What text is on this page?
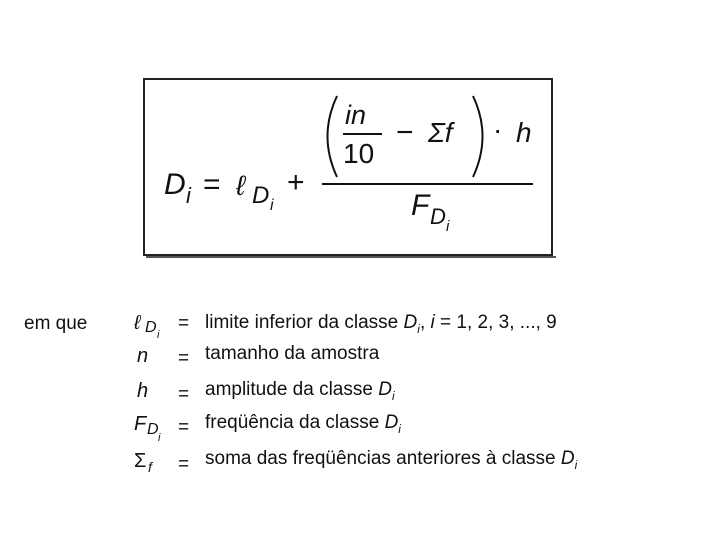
D i = ℓ D i
+
in
10
− Σf · h
F D i
em que ℓ D i
= limite inferior da classe $D_i$, i = 1, 2, 3, ..., 9
n = tamanho da amostra
h = amplitude da classe $D_i$
F D i = freqüência da classe $D_i$
Σ f = soma das freqüências anteriores à classe $D_i$
